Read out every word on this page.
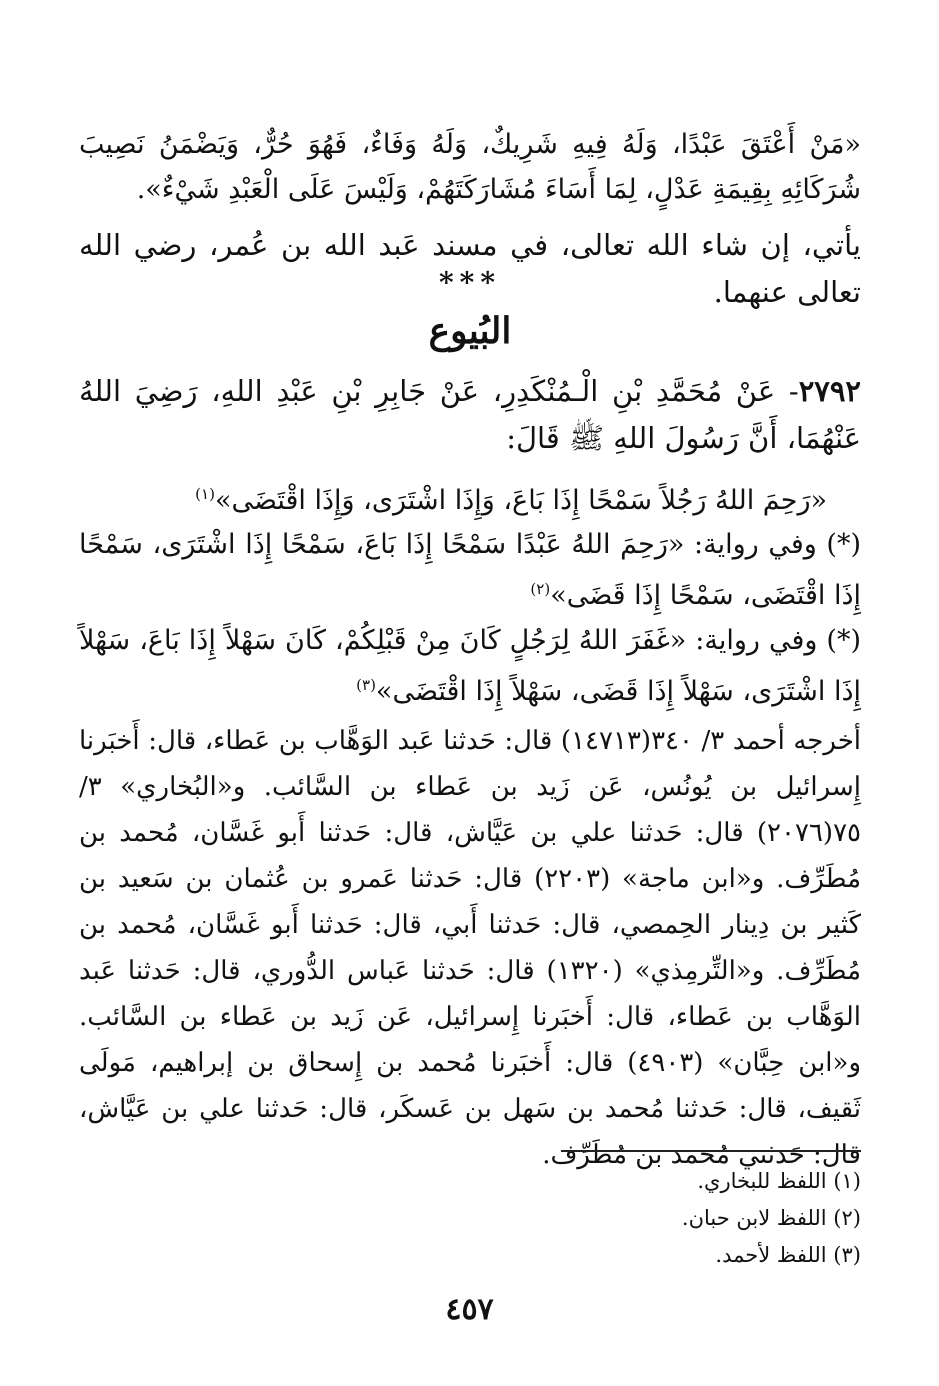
«مَنْ أَعْتَقَ عَبْدًا، وَلَهُ فِيهِ شَرِيكٌ، وَلَهُ وَفَاءٌ، فَهُوَ حُرٌّ، وَيَضْمَنُ نَصِيبَ شُرَكَائِهِ بِقِيمَةِ عَدْلٍ، لِمَا أَسَاءَ مُشَارَكَتَهُمْ، وَلَيْسَ عَلَى الْعَبْدِ شَيْءٌ».
يأتي، إن شاء الله تعالى، في مسند عَبد الله بن عُمر، رضي الله تعالى عنهما.
***
البُيوع
٢٧٩٢- عَنْ مُحَمَّدِ بْنِ الْـمُنْكَدِرِ، عَنْ جَابِرِ بْنِ عَبْدِ اللهِ، رَضِيَ اللهُ عَنْهُمَا، أَنَّ رَسُولَ اللهِ ﷺ قَالَ:
«رَحِمَ اللهُ رَجُلاً سَمْحًا إِذَا بَاعَ، وَإِذَا اشْتَرَى، وَإِذَا اقْتَضَى»$^{(١)}$
(*) وفي رواية: «رَحِمَ اللهُ عَبْدًا سَمْحًا إِذَا بَاعَ، سَمْحًا إِذَا اشْتَرَى، سَمْحًا إِذَا اقْتَضَى، سَمْحًا إِذَا قَضَى»$^{(٢)}$
(*) وفي رواية: «غَفَرَ اللهُ لِرَجُلٍ كَانَ مِنْ قَبْلِكُمْ، كَانَ سَهْلاً إِذَا بَاعَ، سَهْلاً إِذَا اشْتَرَى، سَهْلاً إِذَا قَضَى، سَهْلاً إِذَا اقْتَضَى»$^{(٣)}$
أخرجه أحمد ٣/ ٣٤٠(١٤٧١٣) قال: حَدثنا عَبد الوَهَّاب بن عَطاء، قال: أَخبَرنا إِسرائيل بن يُونُس، عَن زَيد بن عَطاء بن السَّائب. و«البُخاري» ٣/ ٧٥(٢٠٧٦) قال: حَدثنا علي بن عَيَّاش، قال: حَدثنا أَبو غَسَّان، مُحمد بن مُطَرِّف. و«ابن ماجة» (٢٢٠٣) قال: حَدثنا عَمرو بن عُثمان بن سَعيد بن كَثير بن دِينار الحِمصي، قال: حَدثنا أَبي، قال: حَدثنا أَبو غَسَّان، مُحمد بن مُطَرِّف. و«التِّرمِذي» (١٣٢٠) قال: حَدثنا عَباس الدُّوري، قال: حَدثنا عَبد الوَهَّاب بن عَطاء، قال: أَخبَرنا إِسرائيل، عَن زَيد بن عَطاء بن السَّائب. و«ابن حِبَّان» (٤٩٠٣) قال: أَخبَرنا مُحمد بن إِسحاق بن إبراهيم، مَولَى ثَقيف، قال: حَدثنا مُحمد بن سَهل بن عَسكَر، قال: حَدثنا علي بن عَيَّاش، قال: حَدثني مُحمد بن مُطَرِّف.
(١) اللفظ للبخاري.
(٢) اللفظ لابن حبان.
(٣) اللفظ لأحمد.
٤٥٧
